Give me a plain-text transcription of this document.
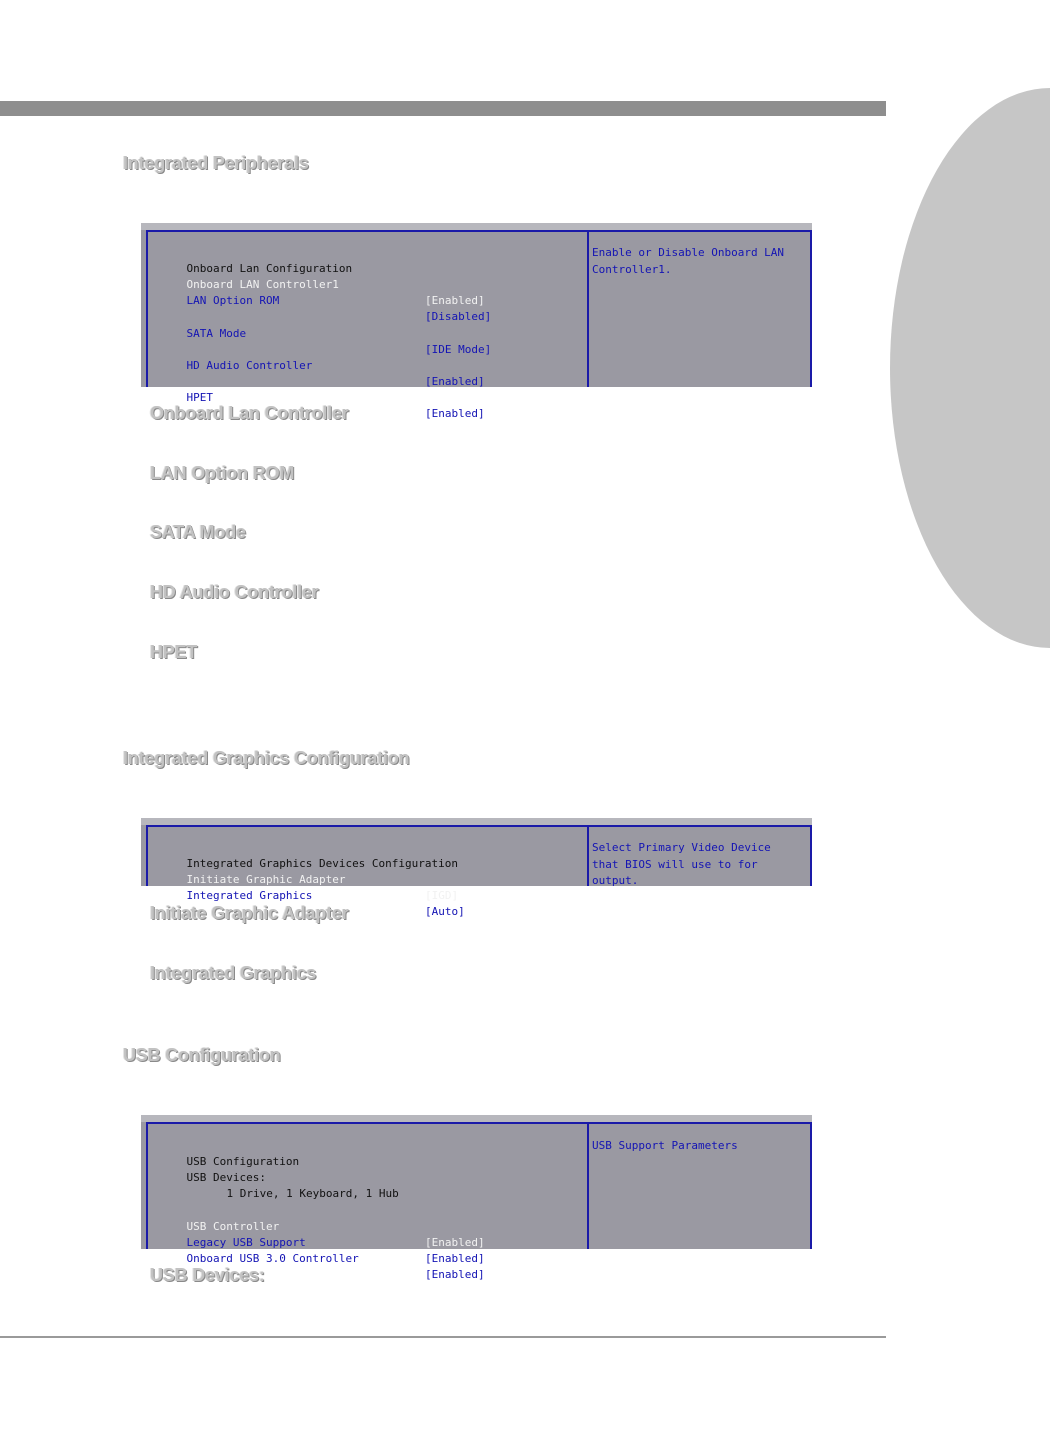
Integrated Peripherals

Onboard Lan Configuration

Onboard LAN Controller1

[Enabled]

LAN Option ROM

[Disabled]

SATA Mode

[IDE Mode]

HD Audio Controller

[Enabled]

HPET

[Enabled]

Enable or Disable Onboard LAN
Controller1.
Onboard Lan Controller
LAN Option ROM
SATA Mode
HD Audio Controller
HPET
Integrated Graphics Configuration

Integrated Graphics Devices Configuration

Initiate Graphic Adapter

[IGD]

Integrated Graphics

[Auto]

Select Primary Video Device
that BIOS will use to for
output.
Initiate Graphic Adapter
Integrated Graphics
USB Configuration

USB Configuration

USB Devices:

1 Drive, 1 Keyboard, 1 Hub

USB Controller

[Enabled]

Legacy USB Support

[Enabled]

Onboard USB 3.0 Controller

[Enabled]

USB Support Parameters
USB Devices:
